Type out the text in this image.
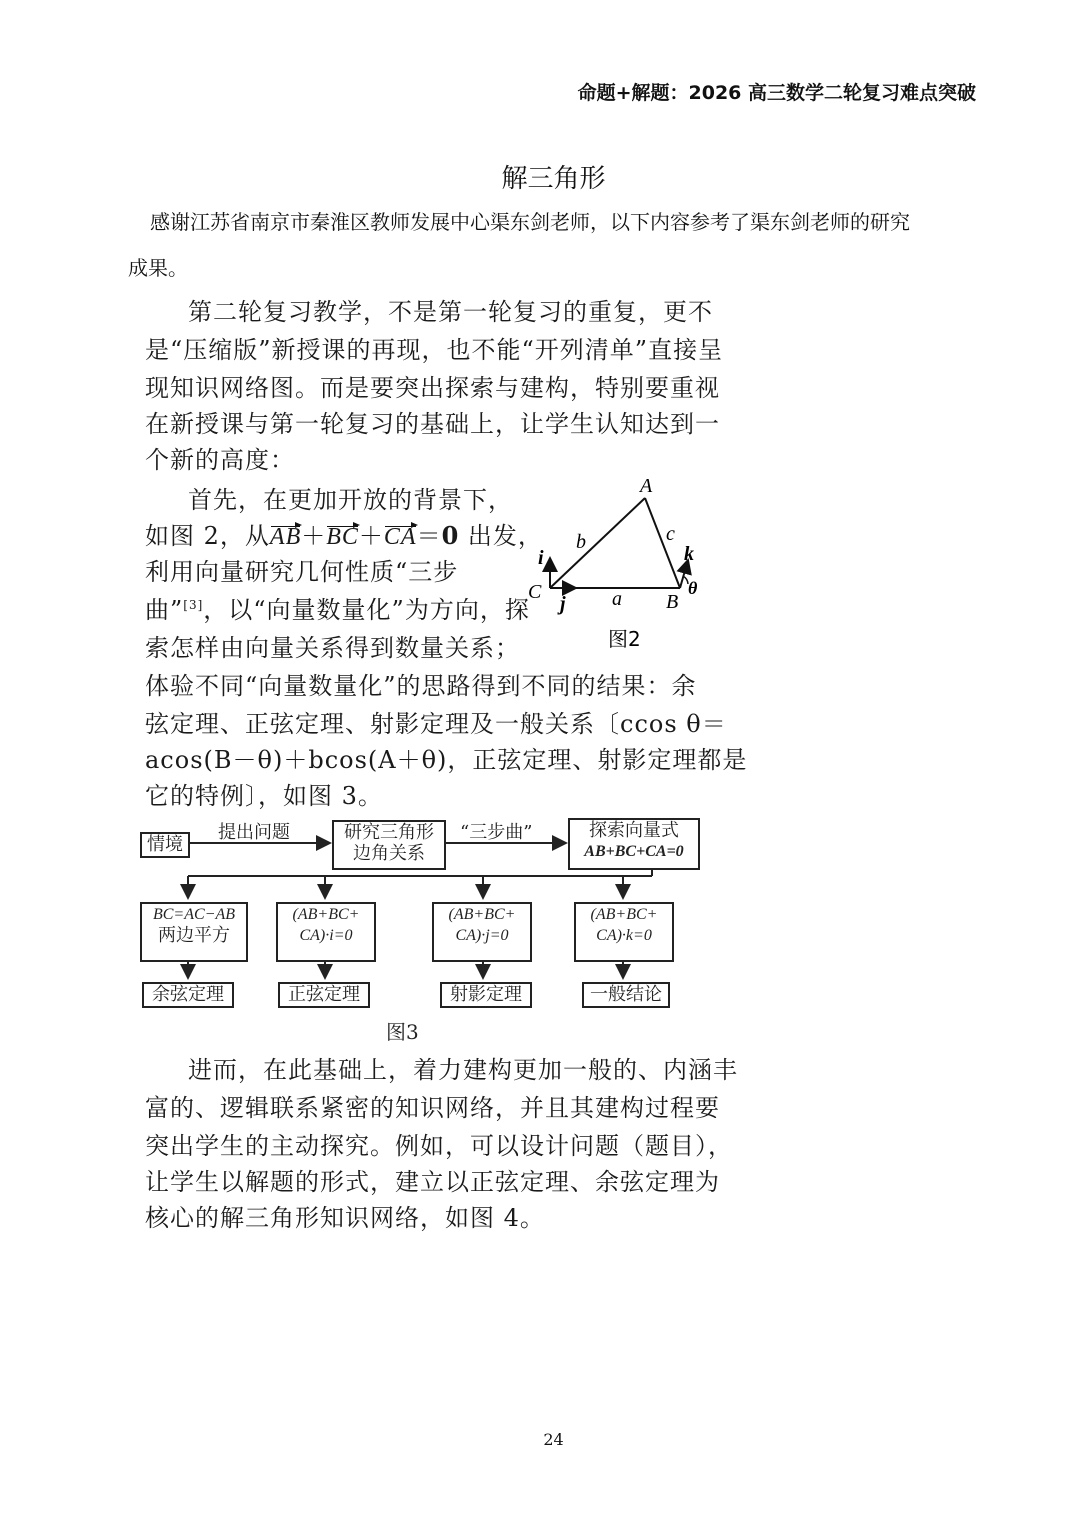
命题+解题：2026 高三数学二轮复习难点突破
解三角形
感谢江苏省南京市秦淮区教师发展中心渠东剑老师，以下内容参考了渠东剑老师的研究
成果。
第二轮复习教学，不是第一轮复习的重复，更不
是“压缩版”新授课的再现，也不能“开列清单”直接呈
现知识网络图。而是要突出探索与建构，特别要重视
在新授课与第一轮复习的基础上，让学生认知达到一
个新的高度：
首先，在更加开放的背景下，
如图 2，从AB＋BC＋CA＝0 出发，
利用向量研究几何性质“三步
曲”[3]，以“向量数量化”为方向，探
索怎样由向量关系得到数量关系；
体验不同“向量数量化”的思路得到不同的结果：余
弦定理、正弦定理、射影定理及一般关系〔ccos θ＝
acos(B－θ)＋bcos(A＋θ)，正弦定理、射影定理都是
它的特例〕，如图 3。
A
B
C	a
b	c
i
j
k
θ
图2
情境
提出问题	研究三角形
边角关系
“三步曲”	探索向量式
AB+BC+CA=0
BC=AC−AB
两边平方
(AB+BC+
CA)·i=0
(AB+BC+
CA)·j=0
(AB+BC+
CA)·k=0
余弦定理	正弦定理	射影定理	一般结论
图3
进而，在此基础上，着力建构更加一般的、内涵丰
富的、逻辑联系紧密的知识网络，并且其建构过程要
突出学生的主动探究。例如，可以设计问题（题目），
让学生以解题的形式，建立以正弦定理、余弦定理为
核心的解三角形知识网络，如图 4。
24
